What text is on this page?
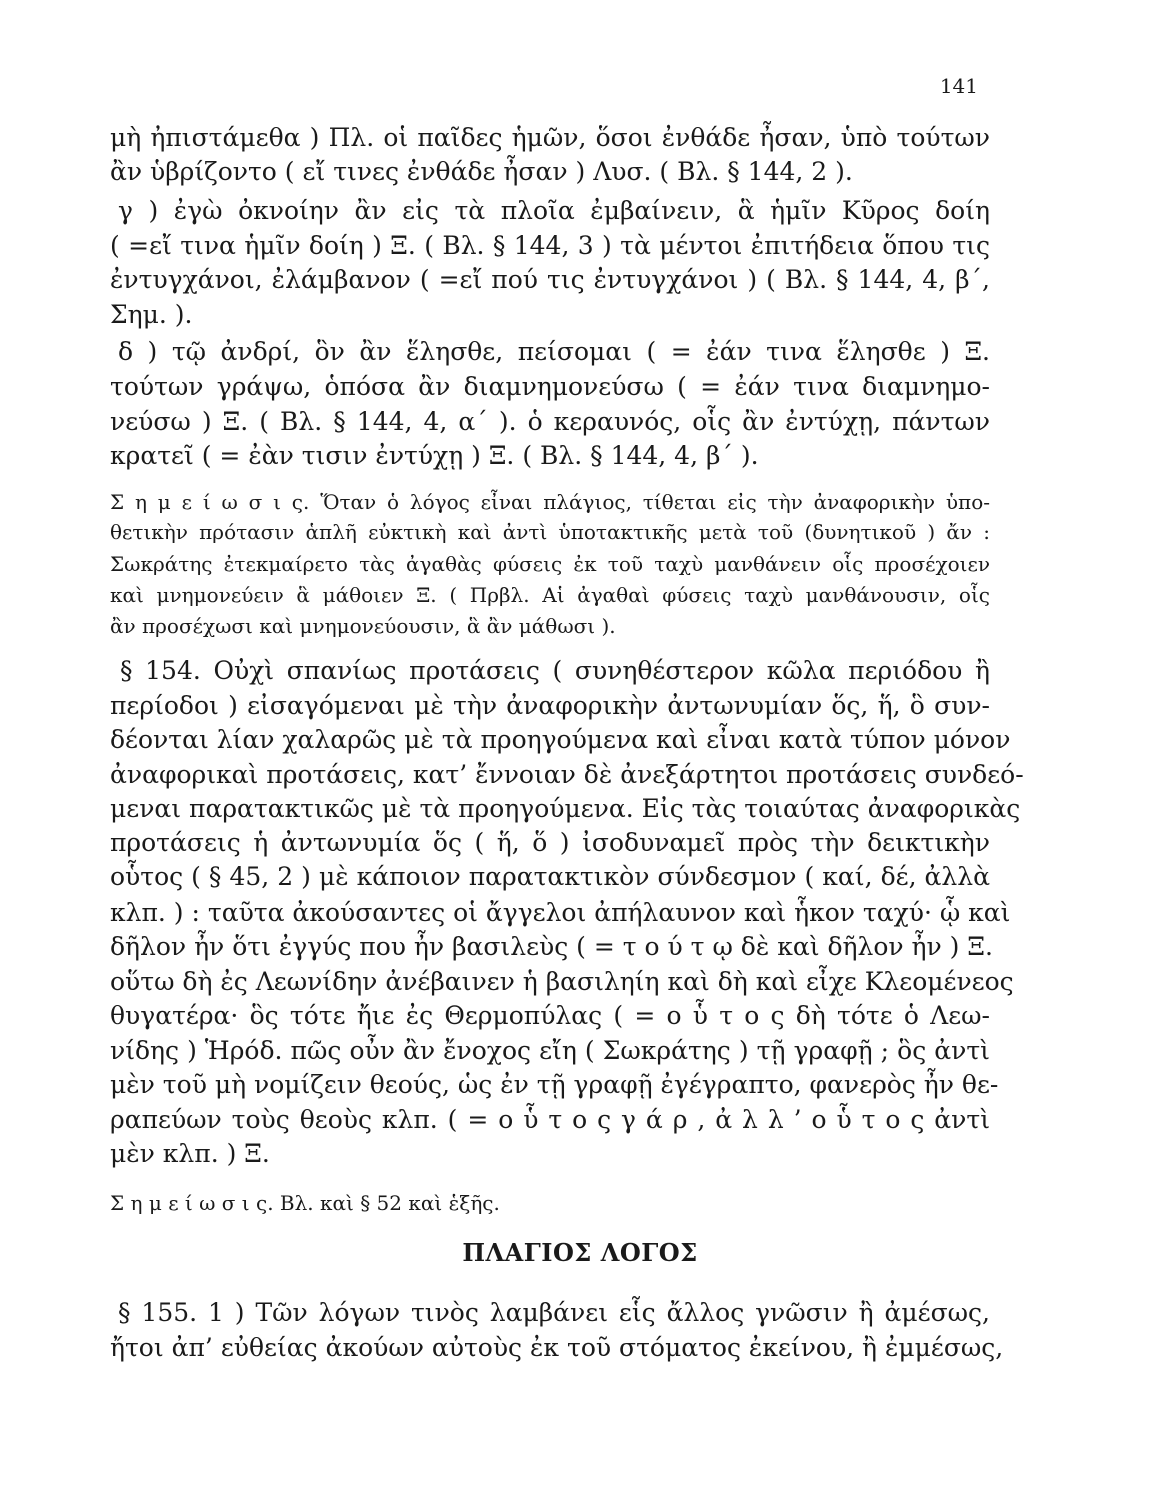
141
μὴ ἠπιστάμεθα ) Πλ. οἱ παῖδες ἡμῶν, ὅσοι ἐνθάδε ἦσαν, ὑπὸ τούτων
ἂν ὑβρίζοντο ( εἴ τινες ἐνθάδε ἦσαν ) Λυσ. ( Βλ. § 144, 2 ).
γ ) ἐγὼ ὀκνοίην ἂν εἰς τὰ πλοῖα ἐμβαίνειν, ἃ ἡμῖν Κῦρος δοίη
( =εἴ τινα ἡμῖν δοίη ) Ξ. ( Βλ. § 144, 3 ) τὰ μέντοι ἐπιτήδεια ὅπου τις
ἐντυγχάνοι, ἐλάμβανον ( =εἴ πού τις ἐντυγχάνοι ) ( Βλ. § 144, 4, β΄,
Σημ. ).
δ ) τῷ ἀνδρί, ὃν ἂν ἕλησθε, πείσομαι ( = ἐάν τινα ἕλησθε ) Ξ.
τούτων γράψω, ὁπόσα ἂν διαμνημονεύσω ( = ἐάν τινα διαμνημο-
νεύσω ) Ξ. ( Βλ. § 144, 4, α΄ ). ὁ κεραυνός, οἷς ἂν ἐντύχῃ, πάντων
κρατεῖ ( = ἐὰν τισιν ἐντύχῃ ) Ξ. ( Βλ. § 144, 4, β΄ ).
Σ η μ ε ί ω σ ι ς. Ὅταν ὁ λόγος εἶναι πλάγιος, τίθεται εἰς τὴν ἀναφορικὴν ὑπο-
θετικὴν πρότασιν ἁπλῆ εὐκτικὴ καὶ ἀντὶ ὑποτακτικῆς μετὰ τοῦ (δυνητικοῦ ) ἄν :
Σωκράτης ἐτεκμαίρετο τὰς ἀγαθὰς φύσεις ἐκ τοῦ ταχὺ μανθάνειν οἷς προσέχοιεν
καὶ μνημονεύειν ἃ μάθοιεν Ξ. ( Πρβλ. Αἱ ἀγαθαὶ φύσεις ταχὺ μανθάνουσιν, οἷς
ἂν προσέχωσι καὶ μνημονεύουσιν, ἃ ἂν μάθωσι ).
§ 154. Οὐχὶ σπανίως προτάσεις ( συνηθέστερον κῶλα περιόδου ἢ
περίοδοι ) εἰσαγόμεναι μὲ τὴν ἀναφορικὴν ἀντωνυμίαν ὅς, ἥ, ὃ συν-
δέονται λίαν χαλαρῶς μὲ τὰ προηγούμενα καὶ εἶναι κατὰ τύπον μόνον
ἀναφορικαὶ προτάσεις, κατ’ ἔννοιαν δὲ ἀνεξάρτητοι προτάσεις συνδεό-
μεναι παρατακτικῶς μὲ τὰ προηγούμενα. Εἰς τὰς τοιαύτας ἀναφορικὰς
προτάσεις ἡ ἀντωνυμία ὅς ( ἥ, ὅ ) ἰσοδυναμεῖ πρὸς τὴν δεικτικὴν
οὗτος ( § 45, 2 ) μὲ κάποιον παρατακτικὸν σύνδεσμον ( καί, δέ, ἀλλὰ
κλπ. ) : ταῦτα ἀκούσαντες οἱ ἄγγελοι ἀπήλαυνον καὶ ἧκον ταχύ· ᾧ καὶ
δῆλον ἦν ὅτι ἐγγύς που ἦν βασιλεὺς ( = τ ο ύ τ ῳ δὲ καὶ δῆλον ἦν ) Ξ.
οὕτω δὴ ἐς Λεωνίδην ἀνέβαινεν ἡ βασιληίη καὶ δὴ καὶ εἶχε Κλεομένεος
θυγατέρα· ὃς τότε ἤιε ἐς Θερμοπύλας ( = ο ὗ τ ο ς δὴ τότε ὁ Λεω-
νίδης ) Ἡρόδ. πῶς οὖν ἂν ἔνοχος εἴη ( Σωκράτης ) τῇ γραφῇ ; ὃς ἀντὶ
μὲν τοῦ μὴ νομίζειν θεούς, ὡς ἐν τῇ γραφῇ ἐγέγραπτο, φανερὸς ἦν θε-
ραπεύων τοὺς θεοὺς κλπ. ( = ο ὗ τ ο ς γ ά ρ , ἀ λ λ ’ ο ὗ τ ο ς ἀντὶ
μὲν κλπ. ) Ξ.
Σ η μ ε ί ω σ ι ς. Βλ. καὶ § 52 καὶ ἑξῆς.
ΠΛΑΓΙΟΣ ΛΟΓΟΣ
§ 155. 1 ) Τῶν λόγων τινὸς λαμβάνει εἷς ἄλλος γνῶσιν ἢ ἀμέσως,
ἤτοι ἀπ’ εὐθείας ἀκούων αὐτοὺς ἐκ τοῦ στόματος ἐκείνου, ἢ ἐμμέσως,
